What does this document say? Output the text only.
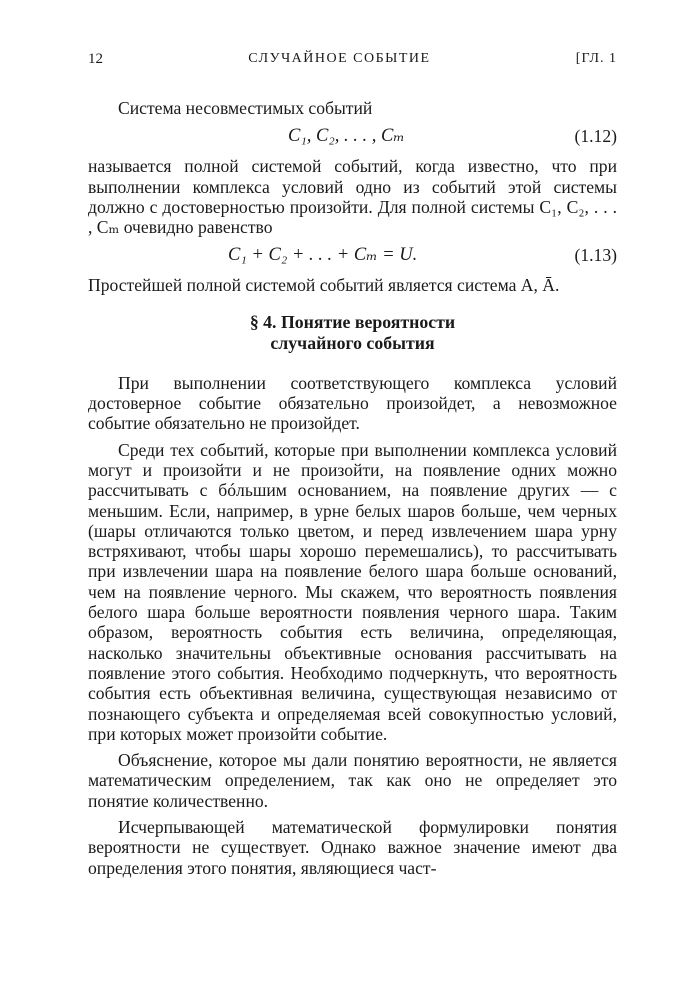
12	СЛУЧАЙНОЕ СОБЫТИЕ	[ГЛ. 1

Система несовместимых событий

C₁, C₂, . . . , Cₘ	(1.12)

называется полной системой событий, когда известно, что при выполнении комплекса условий одно из событий этой системы должно с достоверностью произойти. Для полной системы C₁, C₂, . . . , Cₘ очевидно равенство

C₁ + C₂ + . . . + Cₘ = U.	(1.13)

Простейшей полной системой событий является система A, Ā.

§ 4. Понятие вероятности
случайного события

При выполнении соответствующего комплекса условий достоверное событие обязательно произойдет, а невозможное событие обязательно не произойдет.

Среди тех событий, которые при выполнении комплекса условий могут и произойти и не произойти, на появление одних можно рассчитывать с бóльшим основанием, на появление других — с меньшим. Если, например, в урне белых шаров больше, чем черных (шары отличаются только цветом, и перед извлечением шара урну встряхивают, чтобы шары хорошо перемешались), то рассчитывать при извлечении шара на появление белого шара больше оснований, чем на появление черного. Мы скажем, что вероятность появления белого шара больше вероятности появления черного шара. Таким образом, вероятность события есть величина, определяющая, насколько значительны объективные основания рассчитывать на появление этого события. Необходимо подчеркнуть, что вероятность события есть объективная величина, существующая независимо от познающего субъекта и определяемая всей совокупностью условий, при которых может произойти событие.

Объяснение, которое мы дали понятию вероятности, не является математическим определением, так как оно не определяет это понятие количественно.

Исчерпывающей математической формулировки понятия вероятности не существует. Однако важное значение имеют два определения этого понятия, являющиеся част-
